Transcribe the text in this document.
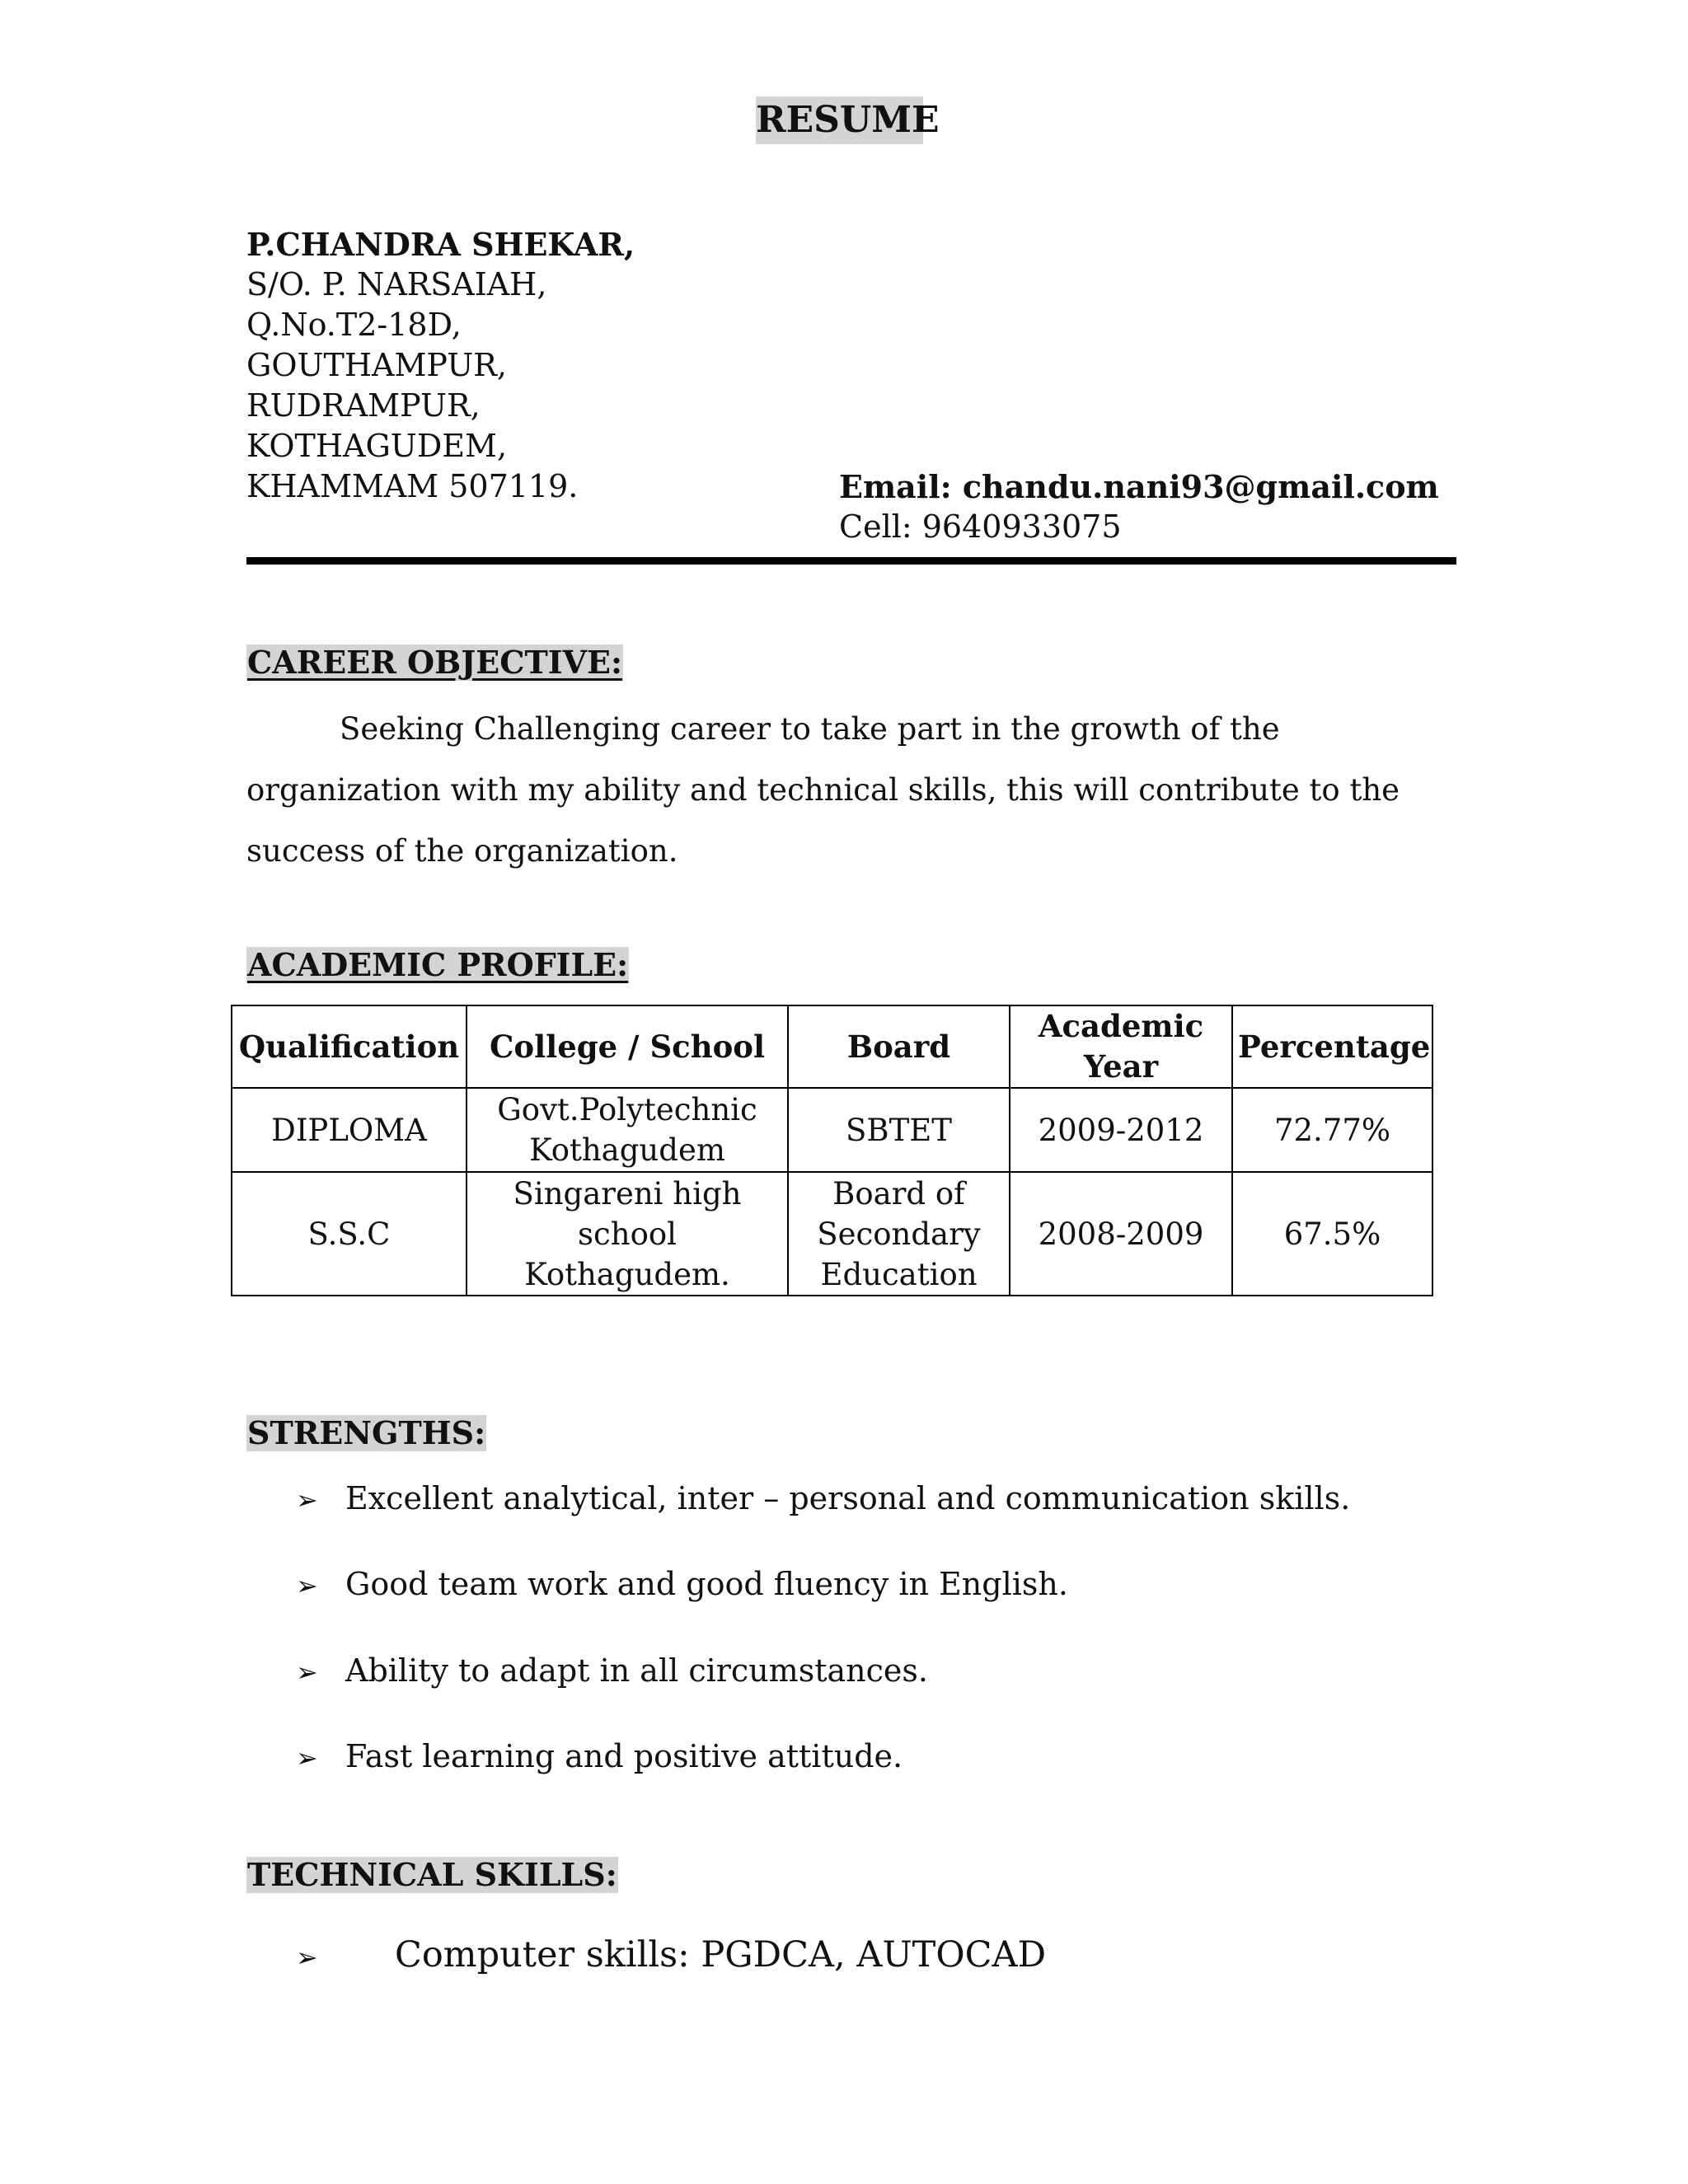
RESUME
P.CHANDRA SHEKAR,
S/O. P. NARSAIAH,
Q.No.T2-18D,
GOUTHAMPUR,
RUDRAMPUR,
KOTHAGUDEM,
KHAMMAM 507119.	Email: chandu.nani93@gmail.com
Cell: 9640933075
CAREER OBJECTIVE:
Seeking Challenging career to take part in the growth of the organization with my ability and technical skills, this will contribute to the success of the organization.
ACADEMIC PROFILE:
Qualification	College / School	Board	Academic Year	Percentage
DIPLOMA	Govt.Polytechnic Kothagudem	SBTET	2009-2012	72.77%
S.S.C	Singareni high school Kothagudem.	Board of Secondary Education	2008-2009	67.5%
STRENGTHS:
➢ Excellent analytical, inter – personal and communication skills.
➢ Good team work and good fluency in English.
➢ Ability to adapt in all circumstances.
➢ Fast learning and positive attitude.
TECHNICAL SKILLS:
➢ Computer skills: PGDCA, AUTOCAD
